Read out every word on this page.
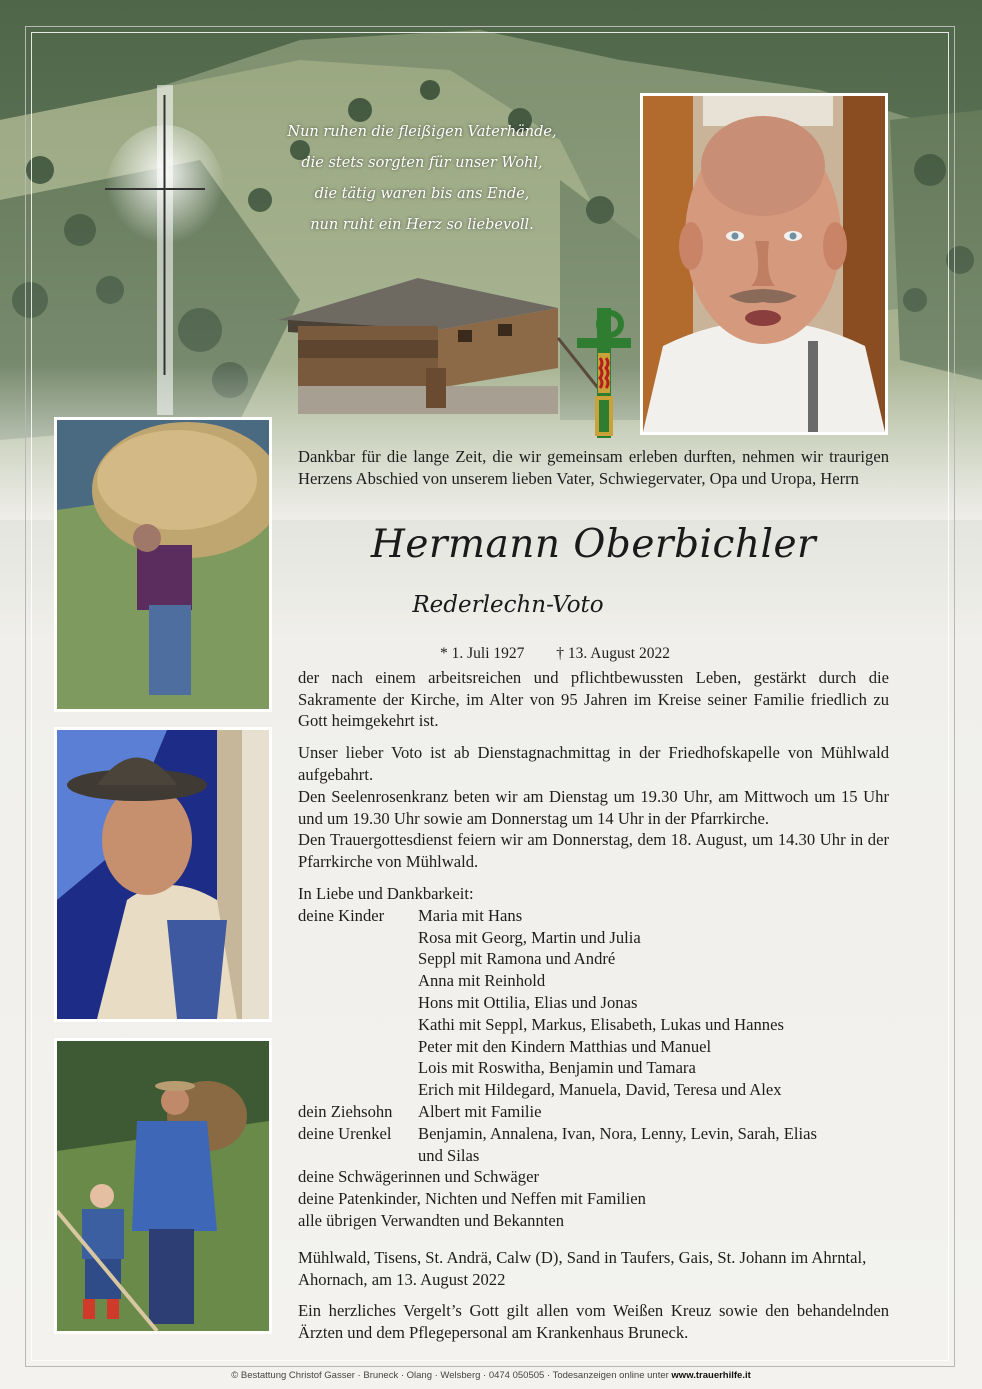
Nun ruhen die fleißigen Vaterhände,
die stets sorgten für unser Wohl,
die tätig waren bis ans Ende,
nun ruht ein Herz so liebevoll.
Dankbar für die lange Zeit, die wir gemeinsam erleben durften, nehmen wir traurigen Herzens Abschied von unserem lieben Vater, Schwiegervater, Opa und Uropa, Herrn
Hermann Oberbichler
Rederlechn-Voto
* 1. Juli 1927 † 13. August 2022
der nach einem arbeitsreichen und pflichtbewussten Leben, gestärkt durch die Sakramente der Kirche, im Alter von 95 Jahren im Kreise seiner Familie friedlich zu Gott heimgekehrt ist.
Unser lieber Voto ist ab Dienstagnachmittag in der Friedhofskapelle von Mühlwald aufgebahrt.
Den Seelenrosenkranz beten wir am Dienstag um 19.30 Uhr, am Mittwoch um 15 Uhr und um 19.30 Uhr sowie am Donnerstag um 14 Uhr in der Pfarrkirche.
Den Trauergottesdienst feiern wir am Donnerstag, dem 18. August, um 14.30 Uhr in der Pfarrkirche von Mühlwald.
In Liebe und Dankbarkeit:
deine Kinder	Maria mit Hans
Rosa mit Georg, Martin und Julia
Seppl mit Ramona und André
Anna mit Reinhold
Hons mit Ottilia, Elias und Jonas
Kathi mit Seppl, Markus, Elisabeth, Lukas und Hannes
Peter mit den Kindern Matthias und Manuel
Lois mit Roswitha, Benjamin und Tamara
Erich mit Hildegard, Manuela, David, Teresa und Alex
dein Ziehsohn	Albert mit Familie
deine Urenkel	Benjamin, Annalena, Ivan, Nora, Lenny, Levin, Sarah, Elias
und Silas
deine Schwägerinnen und Schwäger
deine Patenkinder, Nichten und Neffen mit Familien
alle übrigen Verwandten und Bekannten
Mühlwald, Tisens, St. Andrä, Calw (D), Sand in Taufers, Gais, St. Johann im Ahrntal, Ahornach, am 13. August 2022
Ein herzliches Vergelt’s Gott gilt allen vom Weißen Kreuz sowie den behandelnden Ärzten und dem Pflegepersonal am Krankenhaus Bruneck.
© Bestattung Christof Gasser · Bruneck · Olang · Welsberg · 0474 050505 · Todesanzeigen online unter www.trauerhilfe.it
